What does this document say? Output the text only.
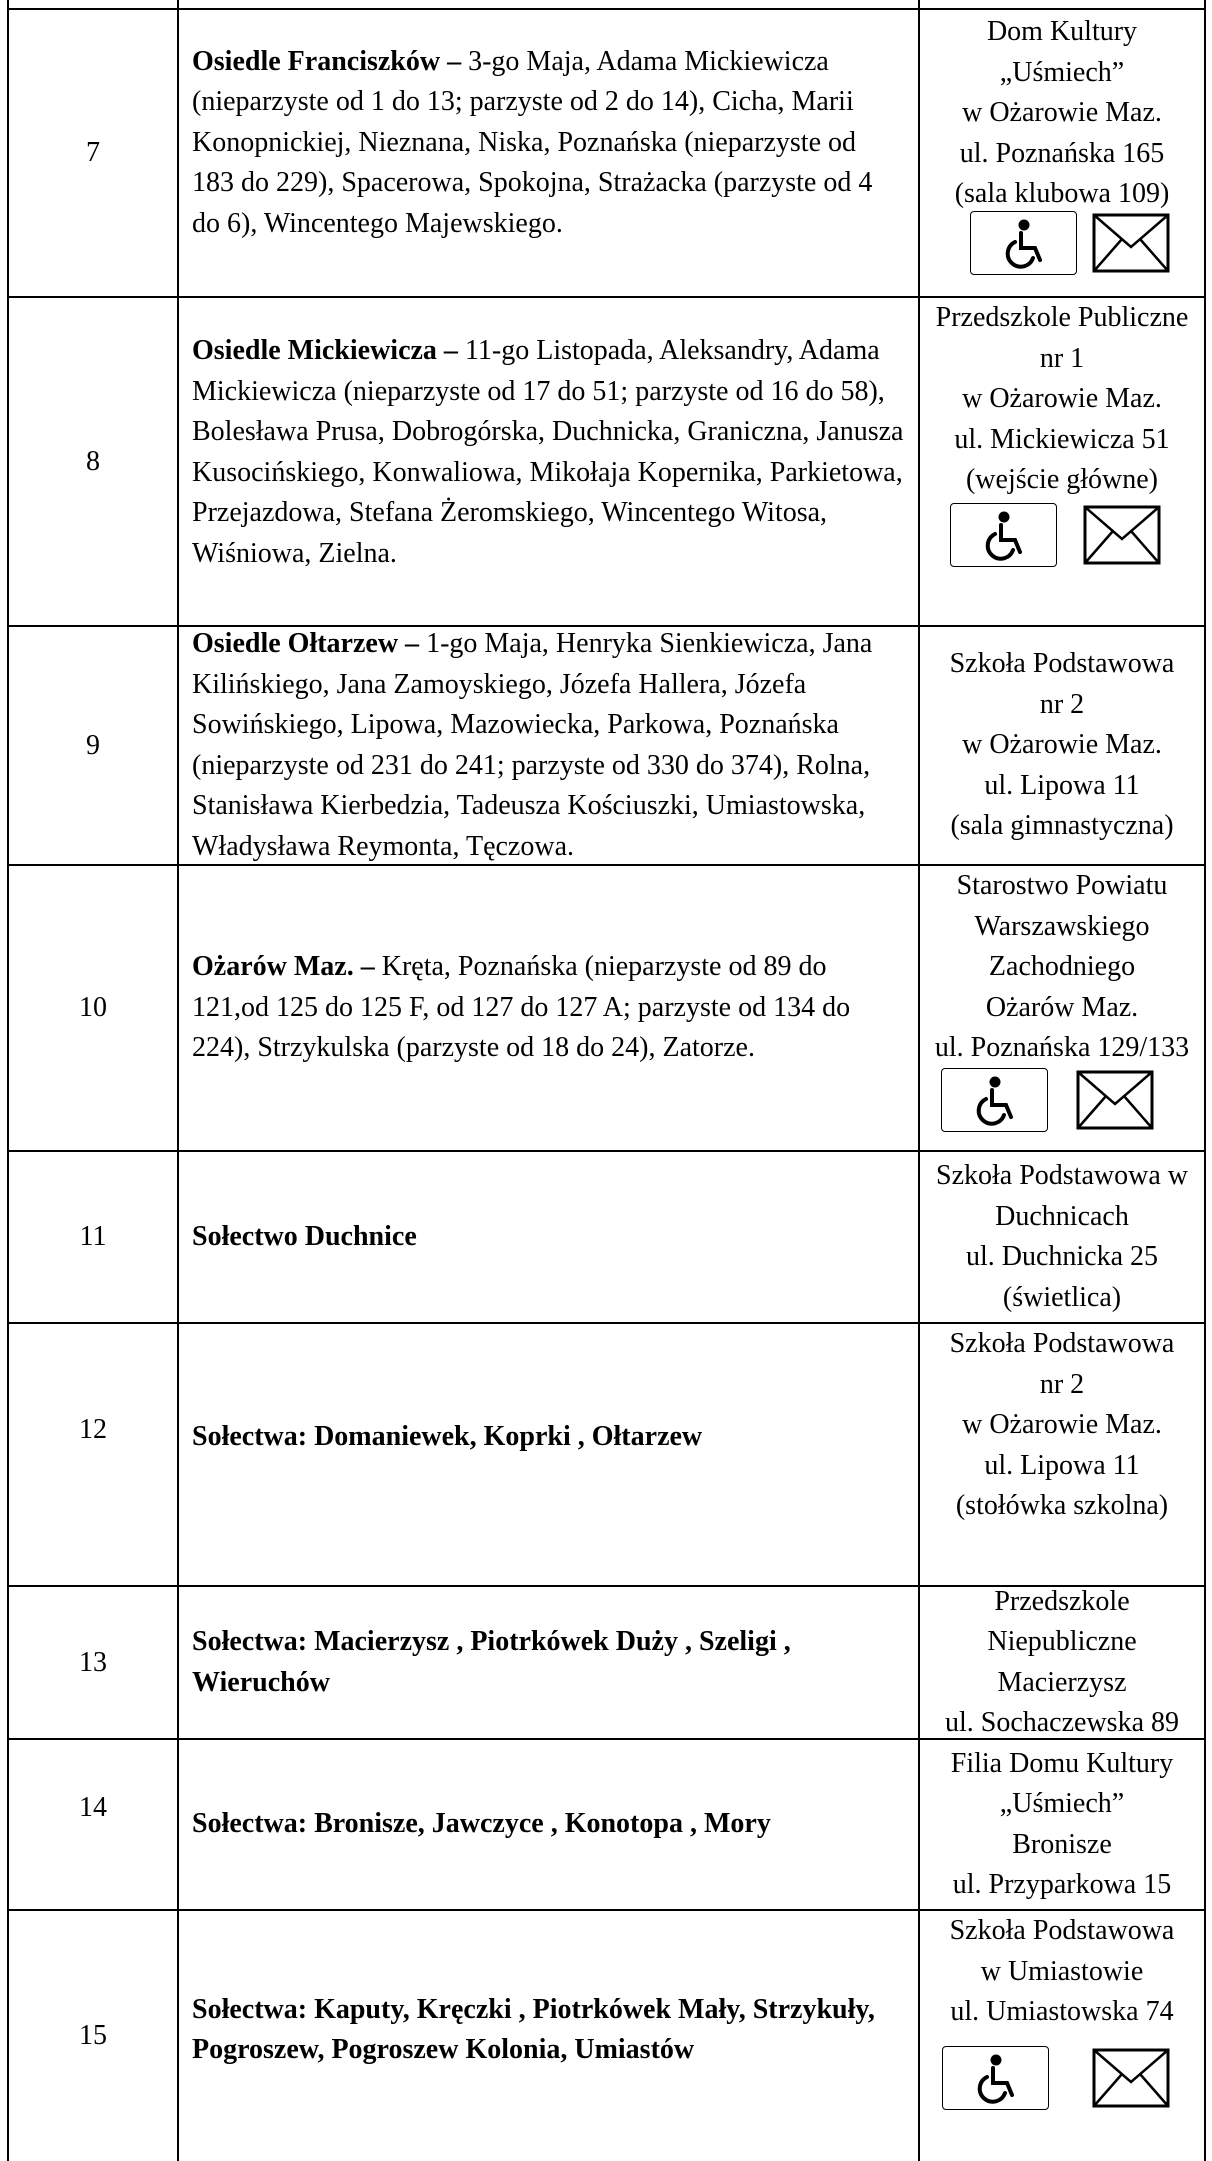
7
Osiedle Franciszków – 3-go Maja, Adama Mickiewicza (nieparzyste od 1 do 13; parzyste od 2 do 14), Cicha, Marii Konopnickiej, Nieznana, Niska, Poznańska (nieparzyste od 183 do 229), Spacerowa, Spokojna, Strażacka (parzyste od 4 do 6), Wincentego Majewskiego.
Dom Kultury
„Uśmiech”
w Ożarowie Maz.
ul. Poznańska 165
(sala klubowa 109)
8
Osiedle Mickiewicza – 11-go Listopada, Aleksandry, Adama Mickiewicza (nieparzyste od 17 do 51; parzyste od 16 do 58), Bolesława Prusa, Dobrogórska, Duchnicka, Graniczna, Janusza Kusocińskiego, Konwaliowa, Mikołaja Kopernika, Parkietowa, Przejazdowa, Stefana Żeromskiego, Wincentego Witosa, Wiśniowa, Zielna.
Przedszkole Publiczne
nr 1
w Ożarowie Maz.
ul. Mickiewicza 51
(wejście główne)
9
Osiedle Ołtarzew – 1-go Maja, Henryka Sienkiewicza, Jana Kilińskiego, Jana Zamoyskiego, Józefa Hallera, Józefa Sowińskiego, Lipowa, Mazowiecka, Parkowa, Poznańska (nieparzyste od 231 do 241; parzyste od 330 do 374), Rolna, Stanisława Kierbedzia, Tadeusza Kościuszki, Umiastowska, Władysława Reymonta, Tęczowa.
Szkoła Podstawowa
nr 2
w Ożarowie Maz.
ul. Lipowa 11
(sala gimnastyczna)
10
Ożarów Maz. – Kręta, Poznańska (nieparzyste od 89 do 121,od 125 do 125 F, od 127 do 127 A; parzyste od 134 do 224), Strzykulska (parzyste od 18 do 24), Zatorze.
Starostwo Powiatu
Warszawskiego
Zachodniego
Ożarów Maz.
ul. Poznańska 129/133
11	Sołectwo Duchnice
Szkoła Podstawowa w
Duchnicach
ul. Duchnicka 25
(świetlica)
12	Sołectwa: Domaniewek, Koprki , Ołtarzew
Szkoła Podstawowa
nr 2
w Ożarowie Maz.
ul. Lipowa 11
(stołówka szkolna)
13
Sołectwa: Macierzysz , Piotrkówek Duży , Szeligi , Wieruchów
Przedszkole
Niepubliczne
Macierzysz
ul. Sochaczewska 89
14
Sołectwa: Bronisze, Jawczyce , Konotopa , Mory
Filia Domu Kultury
„Uśmiech”
Bronisze
ul. Przyparkowa 15
15
Sołectwa: Kaputy, Kręczki , Piotrkówek Mały, Strzykuły, Pogroszew, Pogroszew Kolonia, Umiastów
Szkoła Podstawowa
w Umiastowie
ul. Umiastowska 74
